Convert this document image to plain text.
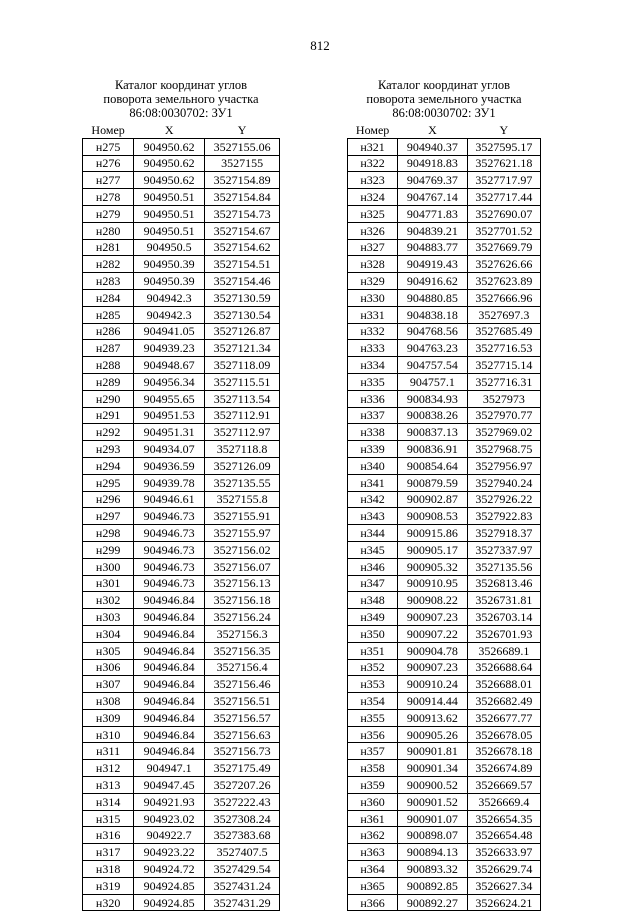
812
Каталог координат углов
поворота земельного участка
86:08:0030702: ЗУ1
Номер	X	Y
н275	904950.62	3527155.06
н276	904950.62	3527155
н277	904950.62	3527154.89
н278	904950.51	3527154.84
н279	904950.51	3527154.73
н280	904950.51	3527154.67
н281	904950.5	3527154.62
н282	904950.39	3527154.51
н283	904950.39	3527154.46
н284	904942.3	3527130.59
н285	904942.3	3527130.54
н286	904941.05	3527126.87
н287	904939.23	3527121.34
н288	904948.67	3527118.09
н289	904956.34	3527115.51
н290	904955.65	3527113.54
н291	904951.53	3527112.91
н292	904951.31	3527112.97
н293	904934.07	3527118.8
н294	904936.59	3527126.09
н295	904939.78	3527135.55
н296	904946.61	3527155.8
н297	904946.73	3527155.91
н298	904946.73	3527155.97
н299	904946.73	3527156.02
н300	904946.73	3527156.07
н301	904946.73	3527156.13
н302	904946.84	3527156.18
н303	904946.84	3527156.24
н304	904946.84	3527156.3
н305	904946.84	3527156.35
н306	904946.84	3527156.4
н307	904946.84	3527156.46
н308	904946.84	3527156.51
н309	904946.84	3527156.57
н310	904946.84	3527156.63
н311	904946.84	3527156.73
н312	904947.1	3527175.49
н313	904947.45	3527207.26
н314	904921.93	3527222.43
н315	904923.02	3527308.24
н316	904922.7	3527383.68
н317	904923.22	3527407.5
н318	904924.72	3527429.54
н319	904924.85	3527431.24
н320	904924.85	3527431.29
Каталог координат углов
поворота земельного участка
86:08:0030702: ЗУ1
Номер	X	Y
н321	904940.37	3527595.17
н322	904918.83	3527621.18
н323	904769.37	3527717.97
н324	904767.14	3527717.44
н325	904771.83	3527690.07
н326	904839.21	3527701.52
н327	904883.77	3527669.79
н328	904919.43	3527626.66
н329	904916.62	3527623.89
н330	904880.85	3527666.96
н331	904838.18	3527697.3
н332	904768.56	3527685.49
н333	904763.23	3527716.53
н334	904757.54	3527715.14
н335	904757.1	3527716.31
н336	900834.93	3527973
н337	900838.26	3527970.77
н338	900837.13	3527969.02
н339	900836.91	3527968.75
н340	900854.64	3527956.97
н341	900879.59	3527940.24
н342	900902.87	3527926.22
н343	900908.53	3527922.83
н344	900915.86	3527918.37
н345	900905.17	3527337.97
н346	900905.32	3527135.56
н347	900910.95	3526813.46
н348	900908.22	3526731.81
н349	900907.23	3526703.14
н350	900907.22	3526701.93
н351	900904.78	3526689.1
н352	900907.23	3526688.64
н353	900910.24	3526688.01
н354	900914.44	3526682.49
н355	900913.62	3526677.77
н356	900905.26	3526678.05
н357	900901.81	3526678.18
н358	900901.34	3526674.89
н359	900900.52	3526669.57
н360	900901.52	3526669.4
н361	900901.07	3526654.35
н362	900898.07	3526654.48
н363	900894.13	3526633.97
н364	900893.32	3526629.74
н365	900892.85	3526627.34
н366	900892.27	3526624.21
